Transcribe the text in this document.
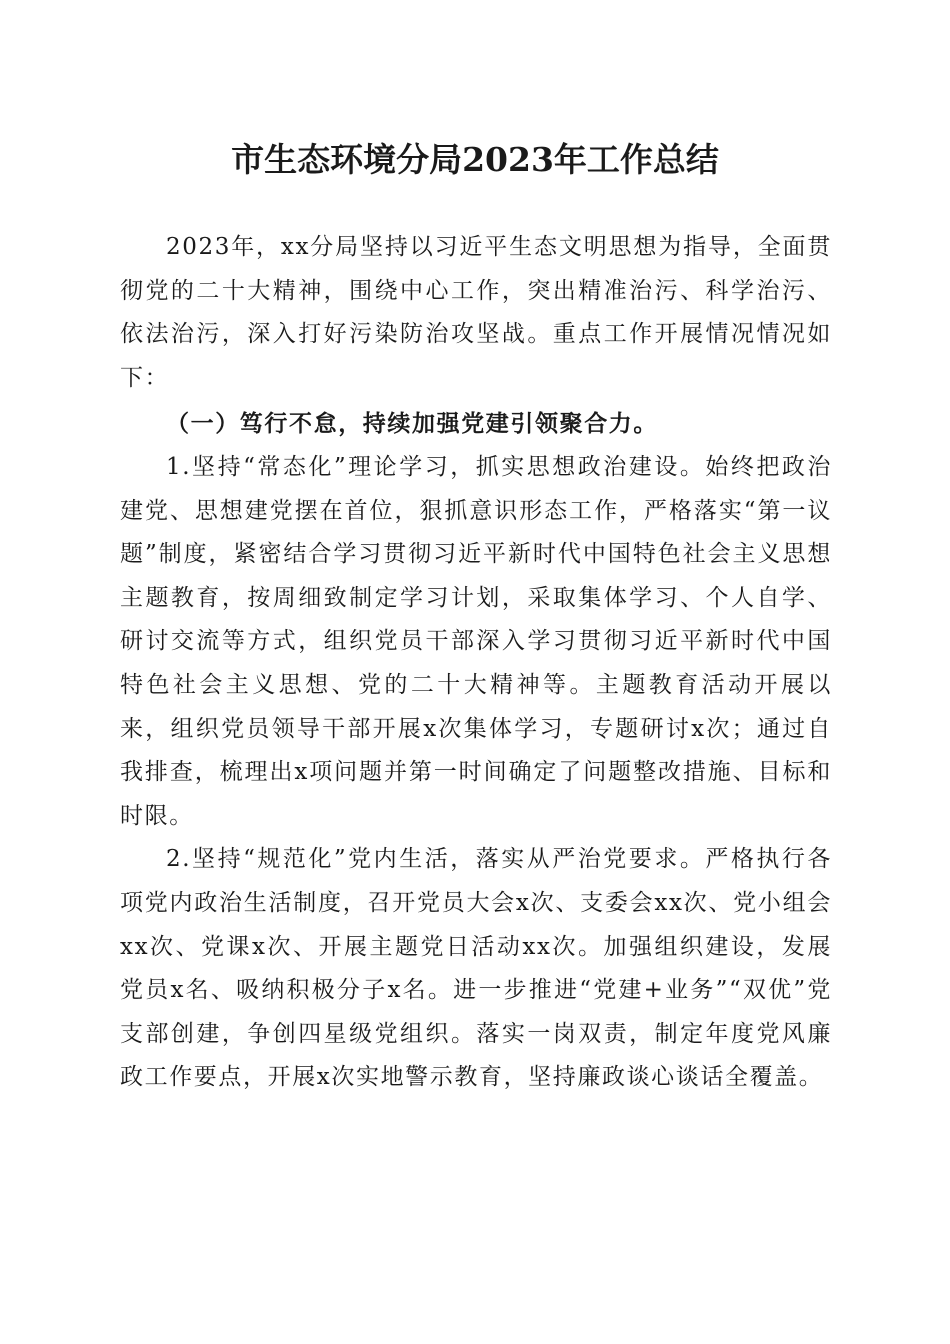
市生态环境分局2023年工作总结

2023年，xx分局坚持以习近平生态文明思想为指导，全面贯彻党的二十大精神，围绕中心工作，突出精准治污、科学治污、依法治污，深入打好污染防治攻坚战。重点工作开展情况情况如下：

（一）笃行不怠，持续加强党建引领聚合力。

1.坚持“常态化”理论学习，抓实思想政治建设。始终把政治建党、思想建党摆在首位，狠抓意识形态工作，严格落实“第一议题”制度，紧密结合学习贯彻习近平新时代中国特色社会主义思想主题教育，按周细致制定学习计划，采取集体学习、个人自学、研讨交流等方式，组织党员干部深入学习贯彻习近平新时代中国特色社会主义思想、党的二十大精神等。主题教育活动开展以来，组织党员领导干部开展x次集体学习，专题研讨x次；通过自我排查，梳理出x项问题并第一时间确定了问题整改措施、目标和时限。

2.坚持“规范化”党内生活，落实从严治党要求。严格执行各项党内政治生活制度，召开党员大会x次、支委会xx次、党小组会xx次、党课x次、开展主题党日活动xx次。加强组织建设，发展党员x名、吸纳积极分子x名。进一步推进“党建+业务”“双优”党支部创建，争创四星级党组织。落实一岗双责，制定年度党风廉政工作要点，开展x次实地警示教育，坚持廉政谈心谈话全覆盖。
